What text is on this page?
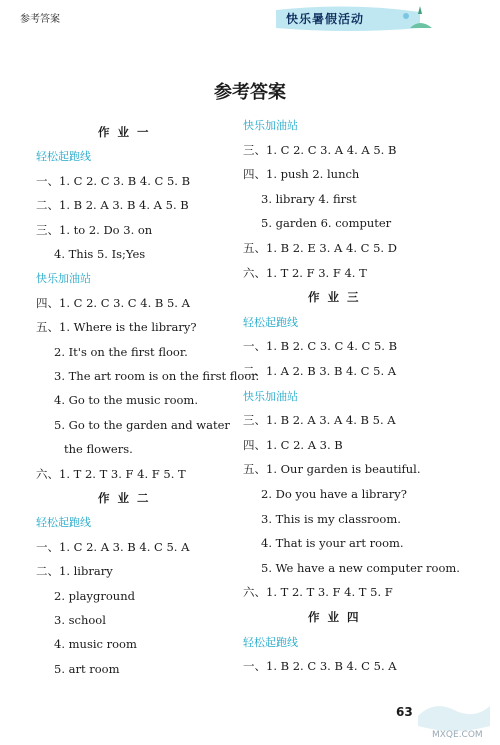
参考答案	快乐暑假活动
参考答案
作 业 一
轻松起跑线
一、1. C 2. C 3. B 4. C 5. B
二、1. B 2. A 3. B 4. A 5. B
三、1. to 2. Do 3. on
4. This 5. Is;Yes
快乐加油站
四、1. C 2. C 3. C 4. B 5. A
五、1. Where is the library?
2. It's on the first floor.
3. The art room is on the first floor.
4. Go to the music room.
5. Go to the garden and water
the flowers.
六、1. T 2. T 3. F 4. F 5. T
作 业 二
轻松起跑线
一、1. C 2. A 3. B 4. C 5. A
二、1. library
2. playground
3. school
4. music room
5. art room
快乐加油站
三、1. C 2. C 3. A 4. A 5. B
四、1. push 2. lunch
3. library 4. first
5. garden 6. computer
五、1. B 2. E 3. A 4. C 5. D
六、1. T 2. F 3. F 4. T
作 业 三
轻松起跑线
一、1. B 2. C 3. C 4. C 5. B
二、1. A 2. B 3. B 4. C 5. A
快乐加油站
三、1. B 2. A 3. A 4. B 5. A
四、1. C 2. A 3. B
五、1. Our garden is beautiful.
2. Do you have a library?
3. This is my classroom.
4. That is your art room.
5. We have a new computer room.
六、1. T 2. T 3. F 4. T 5. F
作 业 四
轻松起跑线
一、1. B 2. C 3. B 4. C 5. A
63
MXQE.COM
